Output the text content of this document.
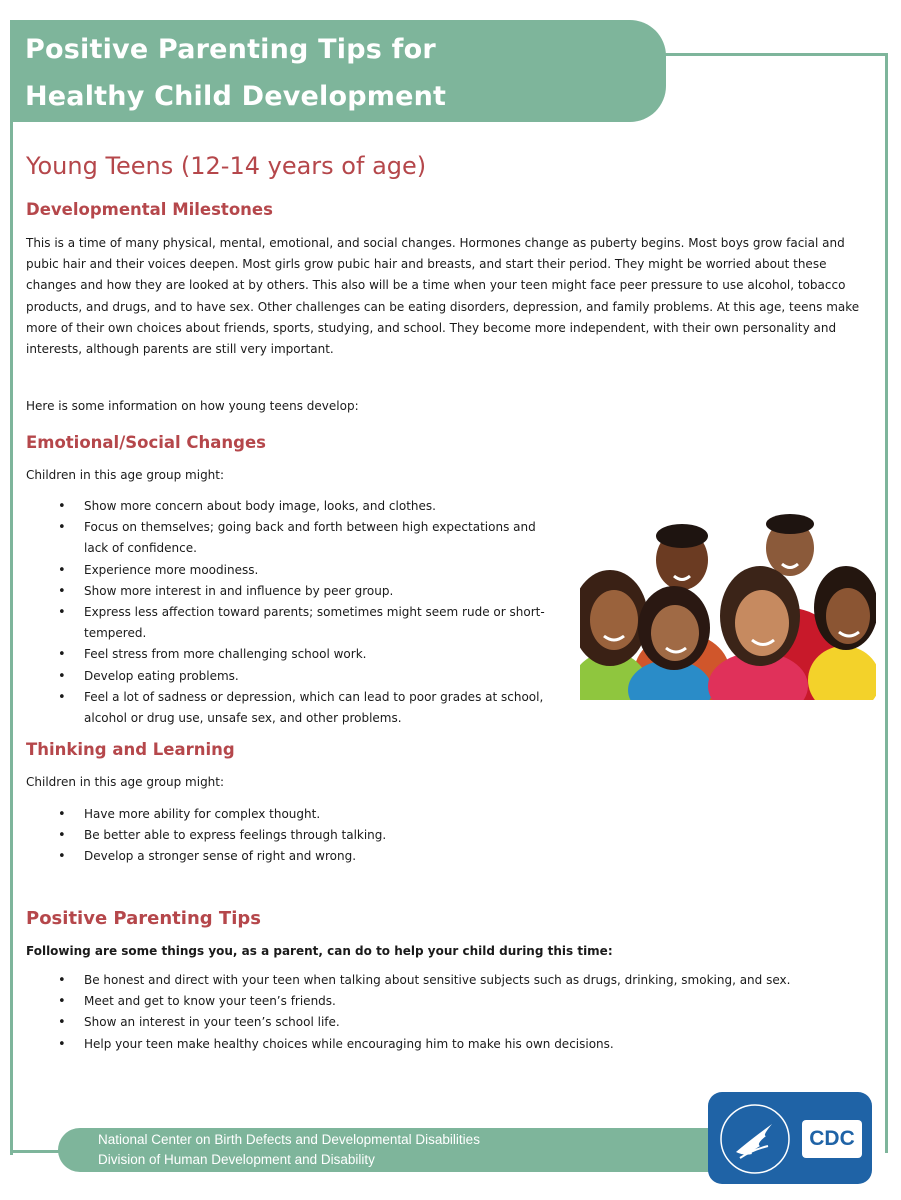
Positive Parenting Tips for
Healthy Child Development
Young Teens (12-14 years of age)
Developmental Milestones
This is a time of many physical, mental, emotional, and social changes. Hormones change as puberty begins. Most boys grow facial and pubic hair and their voices deepen. Most girls grow pubic hair and breasts, and start their period. They might be worried about these changes and how they are looked at by others. This also will be a time when your teen might face peer pressure to use alcohol, tobacco products, and drugs, and to have sex. Other challenges can be eating disorders, depression, and family problems. At this age, teens make more of their own choices about friends, sports, studying, and school. They become more independent, with their own personality and interests, although parents are still very important.
Here is some information on how young teens develop:
Emotional/Social Changes
Children in this age group might:
• Show more concern about body image, looks, and clothes.
• Focus on themselves; going back and forth between high expectations and lack of confidence.
• Experience more moodiness.
• Show more interest in and influence by peer group.
• Express less affection toward parents; sometimes might seem rude or short-tempered.
• Feel stress from more challenging school work.
• Develop eating problems.
• Feel a lot of sadness or depression, which can lead to poor grades at school, alcohol or drug use, unsafe sex, and other problems.
Thinking and Learning
Children in this age group might:
• Have more ability for complex thought.
• Be better able to express feelings through talking.
• Develop a stronger sense of right and wrong.
Positive Parenting Tips
Following are some things you, as a parent, can do to help your child during this time:
• Be honest and direct with your teen when talking about sensitive subjects such as drugs, drinking, smoking, and sex.
• Meet and get to know your teen’s friends.
• Show an interest in your teen’s school life.
• Help your teen make healthy choices while encouraging him to make his own decisions.
National Center on Birth Defects and Developmental Disabilities
Division of Human Development and Disability
CDC
